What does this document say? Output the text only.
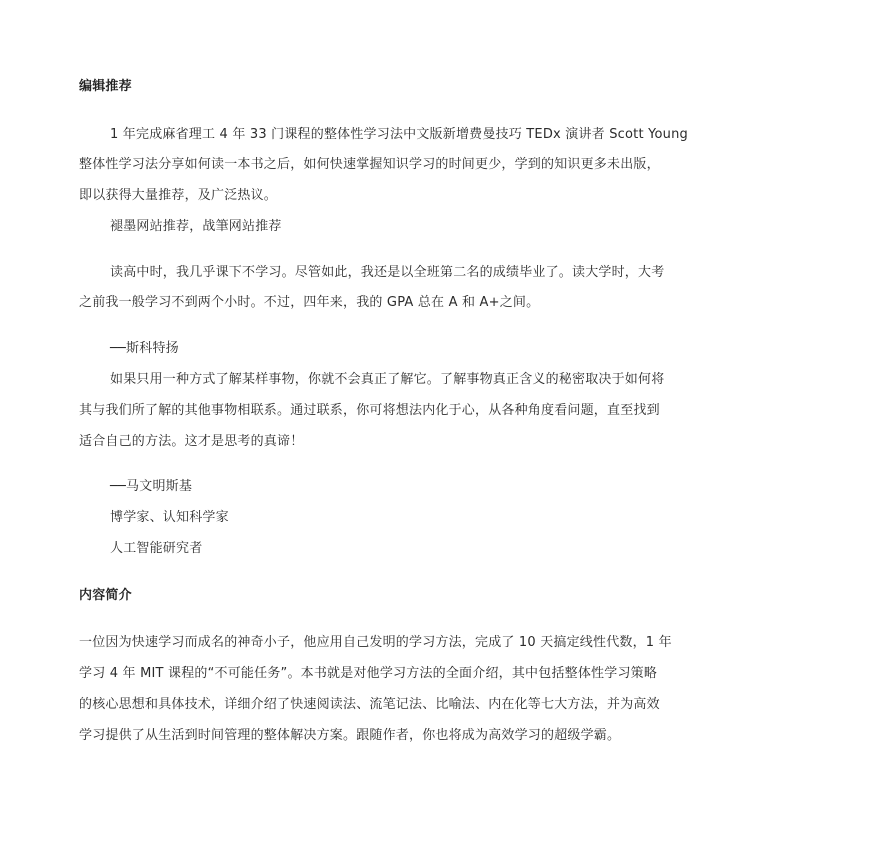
编辑推荐
1 年完成麻省理工 4 年 33 门课程的整体性学习法中文版新增费曼技巧 TEDx 演讲者 Scott Young
整体性学习法分享如何读一本书之后，如何快速掌握知识学习的时间更少，学到的知识更多未出版，
即以获得大量推荐，及广泛热议。
褪墨网站推荐，战筆网站推荐
读高中时，我几乎课下不学习。尽管如此，我还是以全班第二名的成绩毕业了。读大学时，大考
之前我一般学习不到两个小时。不过，四年来，我的 GPA 总在 A 和 A+之间。
──斯科特扬
如果只用一种方式了解某样事物，你就不会真正了解它。了解事物真正含义的秘密取决于如何将
其与我们所了解的其他事物相联系。通过联系，你可将想法内化于心，从各种角度看问题，直至找到
适合自己的方法。这才是思考的真谛！
──马文明斯基
博学家、认知科学家
人工智能研究者
内容简介
一位因为快速学习而成名的神奇小子，他应用自己发明的学习方法，完成了 10 天搞定线性代数，1 年
学习 4 年 MIT 课程的“不可能任务”。本书就是对他学习方法的全面介绍，其中包括整体性学习策略
的核心思想和具体技术，详细介绍了快速阅读法、流笔记法、比喻法、内在化等七大方法，并为高效
学习提供了从生活到时间管理的整体解决方案。跟随作者，你也将成为高效学习的超级学霸。
